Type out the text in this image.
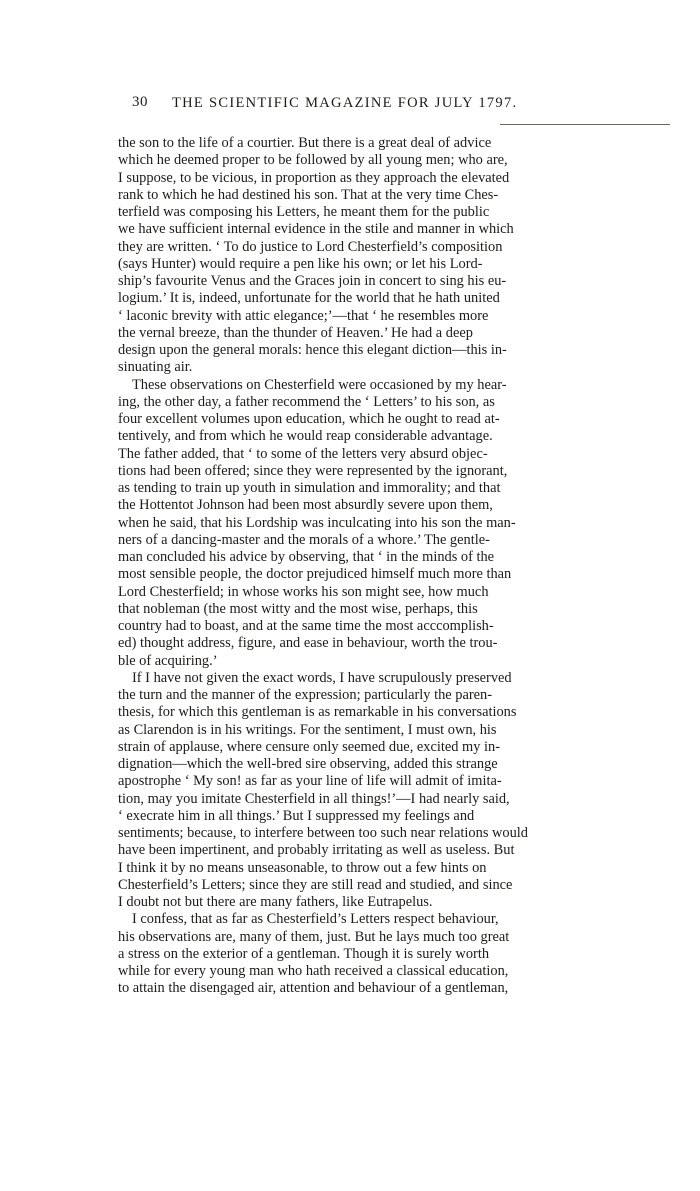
30 THE SCIENTIFIC MAGAZINE FOR JULY 1797.

the son to the life of a courtier. But there is a great deal of advice
which he deemed proper to be followed by all young men; who are,
I suppose, to be vicious, in proportion as they approach the elevated
rank to which he had destined his son. That at the very time Ches-
terfield was composing his Letters, he meant them for the public
we have sufficient internal evidence in the stile and manner in which
they are written. ‘ To do justice to Lord Chesterfield’s composition
(says Hunter) would require a pen like his own; or let his Lord-
ship’s favourite Venus and the Graces join in concert to sing his eu-
logium.’ It is, indeed, unfortunate for the world that he hath united
‘ laconic brevity with attic elegance;’—that ‘ he resembles more
the vernal breeze, than the thunder of Heaven.’ He had a deep
design upon the general morals: hence this elegant diction—this in-
sinuating air.

These observations on Chesterfield were occasioned by my hear-
ing, the other day, a father recommend the ‘ Letters’ to his son, as
four excellent volumes upon education, which he ought to read at-
tentively, and from which he would reap considerable advantage.
The father added, that ‘ to some of the letters very absurd objec-
tions had been offered; since they were represented by the ignorant,
as tending to train up youth in simulation and immorality; and that
the Hottentot Johnson had been most absurdly severe upon them,
when he said, that his Lordship was inculcating into his son the man-
ners of a dancing-master and the morals of a whore.’ The gentle-
man concluded his advice by observing, that ‘ in the minds of the
most sensible people, the doctor prejudiced himself much more than
Lord Chesterfield; in whose works his son might see, how much
that nobleman (the most witty and the most wise, perhaps, this
country had to boast, and at the same time the most acccomplish-
ed) thought address, figure, and ease in behaviour, worth the trou-
ble of acquiring.’

If I have not given the exact words, I have scrupulously preserved
the turn and the manner of the expression; particularly the paren-
thesis, for which this gentleman is as remarkable in his conversations
as Clarendon is in his writings. For the sentiment, I must own, his
strain of applause, where censure only seemed due, excited my in-
dignation—which the well-bred sire observing, added this strange
apostrophe ‘ My son! as far as your line of life will admit of imita-
tion, may you imitate Chesterfield in all things!’—I had nearly said,
‘ execrate him in all things.’ But I suppressed my feelings and
sentiments; because, to interfere between too such near relations would
have been impertinent, and probably irritating as well as useless. But
I think it by no means unseasonable, to throw out a few hints on
Chesterfield’s Letters; since they are still read and studied, and since
I doubt not but there are many fathers, like Eutrapelus.

I confess, that as far as Chesterfield’s Letters respect behaviour,
his observations are, many of them, just. But he lays much too great
a stress on the exterior of a gentleman. Though it is surely worth
while for every young man who hath received a classical education,
to attain the disengaged air, attention and behaviour of a gentleman,
